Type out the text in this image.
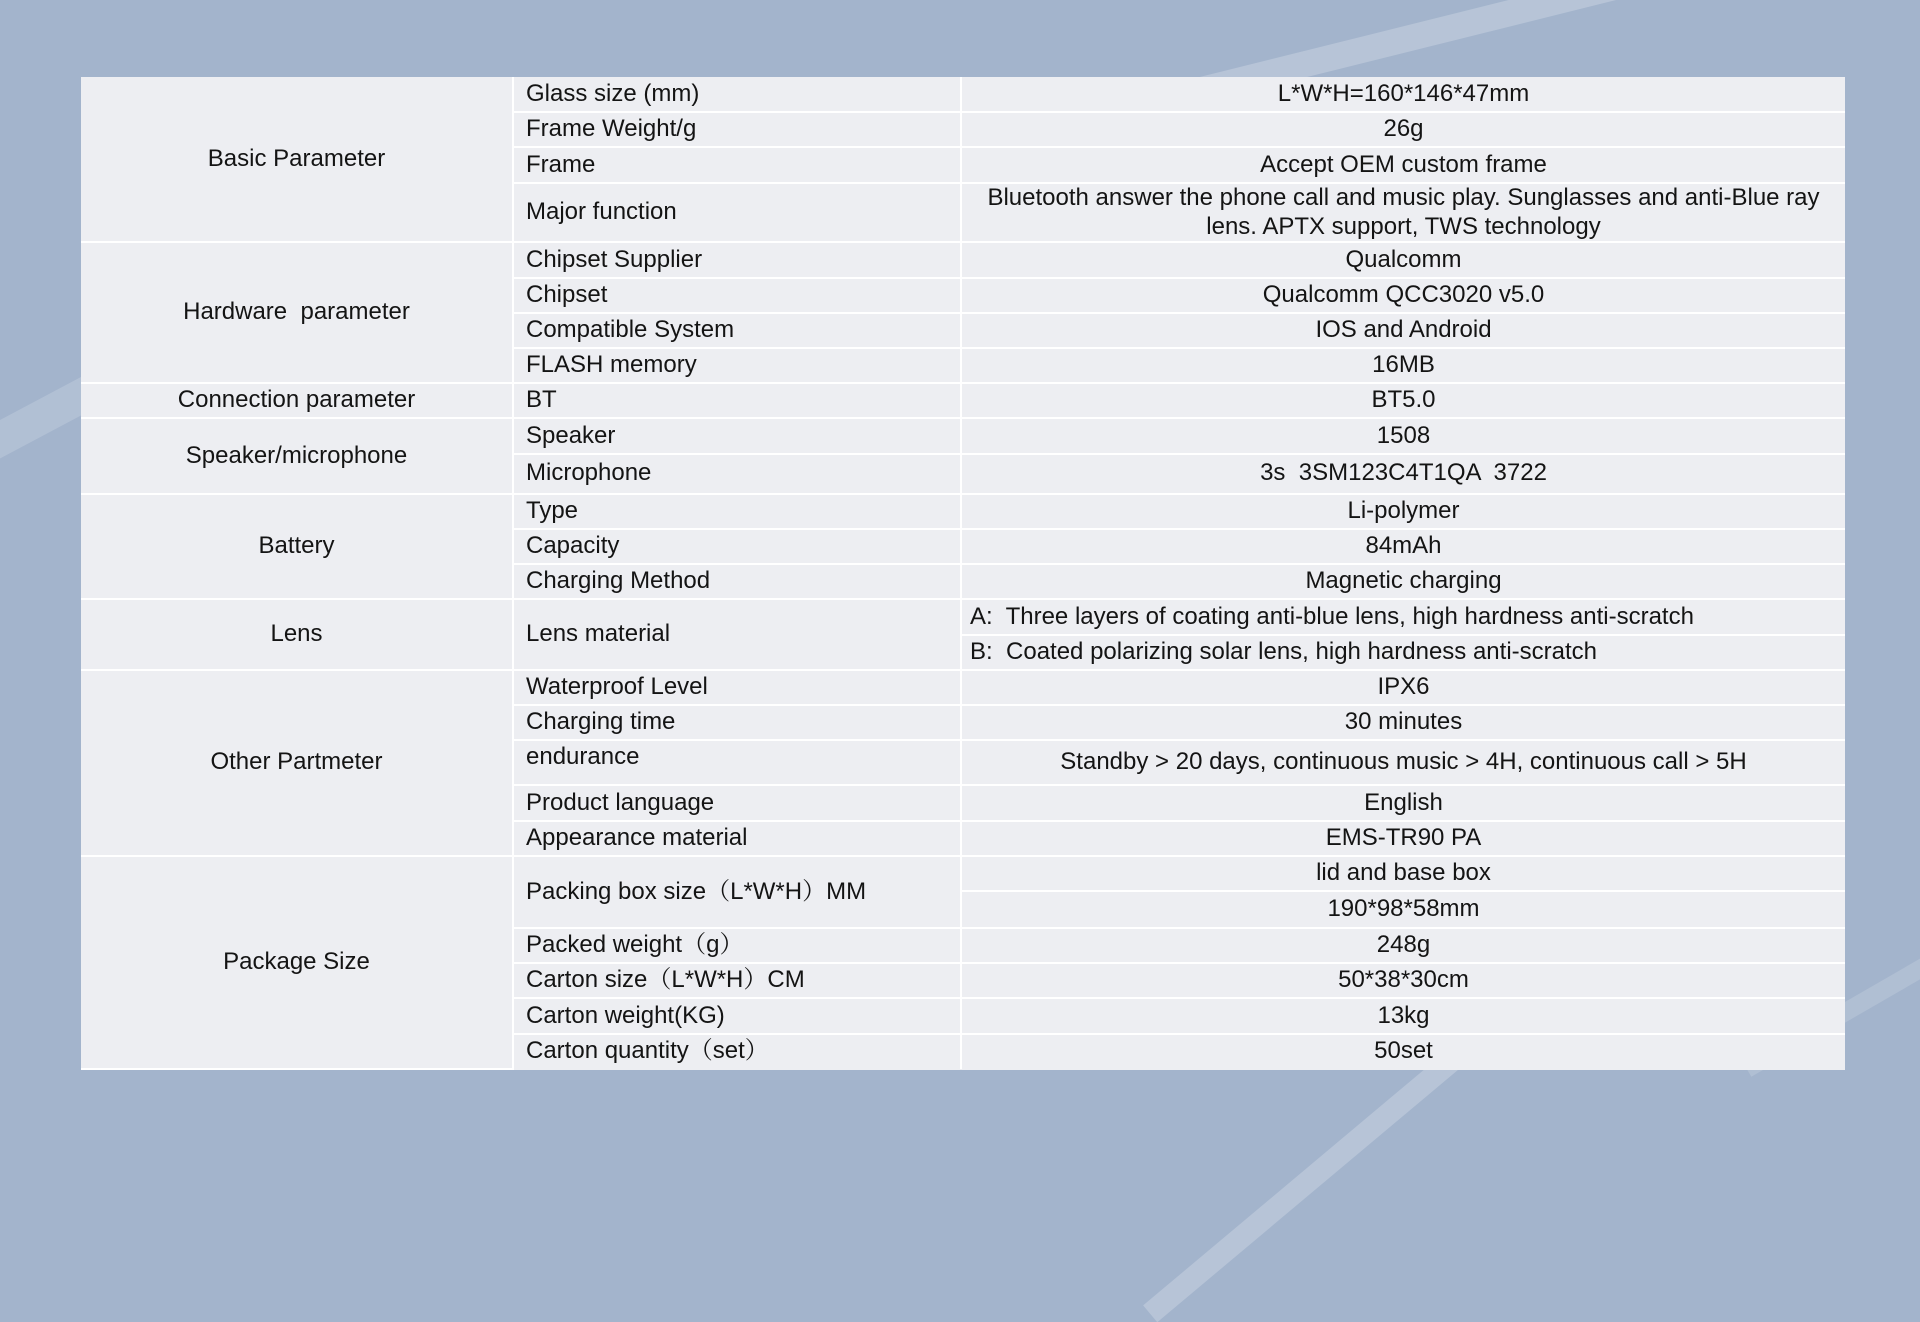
Basic Parameter	Glass size (mm)	L*W*H=160*146*47mm
	Frame Weight/g	26g
	Frame	Accept OEM custom frame
	Major function	Bluetooth answer the phone call and music play. Sunglasses and anti-Blue ray lens. APTX support, TWS technology
Hardware  parameter	Chipset Supplier	Qualcomm
	Chipset	Qualcomm QCC3020 v5.0
	Compatible System	IOS and Android
	FLASH memory	16MB
Connection parameter	BT	BT5.0
Speaker/microphone	Speaker	1508
	Microphone	3s  3SM123C4T1QA  3722
Battery	Type	Li-polymer
	Capacity	84mAh
	Charging Method	Magnetic charging
Lens	Lens material	A:  Three layers of coating anti-blue lens, high hardness anti-scratch
		B:  Coated polarizing solar lens, high hardness anti-scratch
Other Partmeter	Waterproof Level	IPX6
	Charging time	30 minutes
	endurance	Standby > 20 days, continuous music > 4H, continuous call > 5H
	Product language	English
	Appearance material	EMS-TR90 PA
Package Size	Packing box size（L*W*H）MM	lid and base box
		190*98*58mm
	Packed weight（g）	248g
	Carton size（L*W*H）CM	50*38*30cm
	Carton weight(KG)	13kg
	Carton quantity（set）	50set
